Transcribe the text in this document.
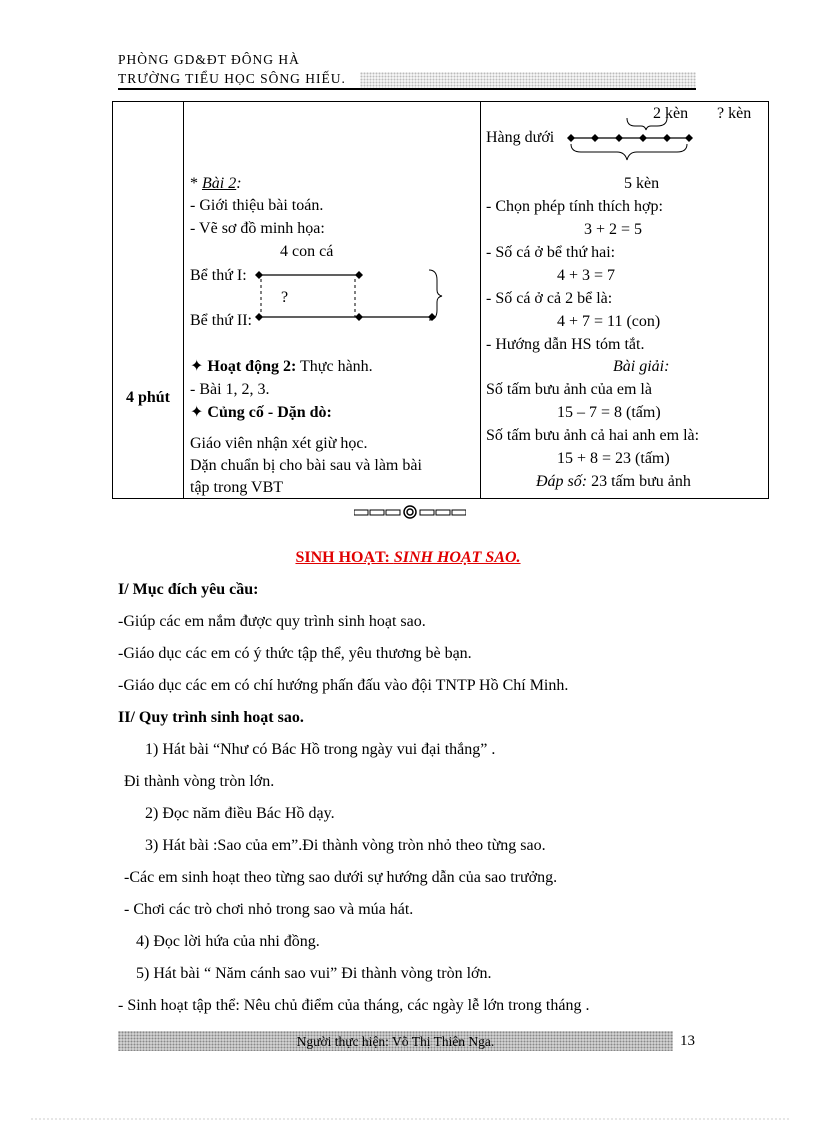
PHÒNG GD&ĐT ĐÔNG HÀ
TRƯỜNG TIỂU HỌC SÔNG HIẾU.
4 phút

* Bài 2:
- Giới thiệu bài toán.
- Vẽ sơ đồ minh họa:
4 con cá
Bể thứ I:
?
Bể thứ II:
✦ Hoạt động 2: Thực hành.
- Bài 1, 2, 3.
✦ Củng cố - Dặn dò:
Giáo viên nhận xét giừ học.
Dặn chuẩn bị cho bài sau và làm bài
tập trong VBT

2 kèn ? kèn
Hàng dưới
5 kèn
- Chọn phép tính thích hợp:
3 + 2 = 5
- Số cá ở bể thứ hai:
4 + 3 = 7
- Số cá ở cả 2 bể là:
4 + 7 = 11 (con)
- Hướng dẫn HS tóm tắt.
Bài giải:
Số tấm bưu ảnh của em là
15 – 7 = 8 (tấm)
Số tấm bưu ảnh cả hai anh em là:
15 + 8 = 23 (tấm)
Đáp số: 23 tấm bưu ảnh
SINH HOẠT: SINH HOẠT SAO.
I/ Mục đích yêu cầu:
-Giúp các em nắm được quy trình sinh hoạt sao.
-Giáo dục các em có ý thức tập thể, yêu thương bè bạn.
-Giáo dục các em có chí hướng phấn đấu vào đội TNTP Hồ Chí Minh.
II/ Quy trình sinh hoạt sao.
1) Hát bài “Như có Bác Hồ trong ngày vui đại thắng” .
Đi thành vòng tròn lớn.
2) Đọc năm điều Bác Hồ dạy.
3) Hát bài :Sao của em”.Đi thành vòng tròn nhỏ theo từng sao.
-Các em sinh hoạt theo từng sao dưới sự hướng dẫn của sao trưởng.
- Chơi các trò chơi nhỏ trong sao và múa hát.
4) Đọc lời hứa của nhi đồng.
5) Hát bài “ Năm cánh sao vui” Đi thành vòng tròn lớn.
- Sinh hoạt tập thể: Nêu chủ điểm của tháng, các ngày lễ lớn trong tháng .
Người thực hiện: Võ Thị Thiên Nga.	13
